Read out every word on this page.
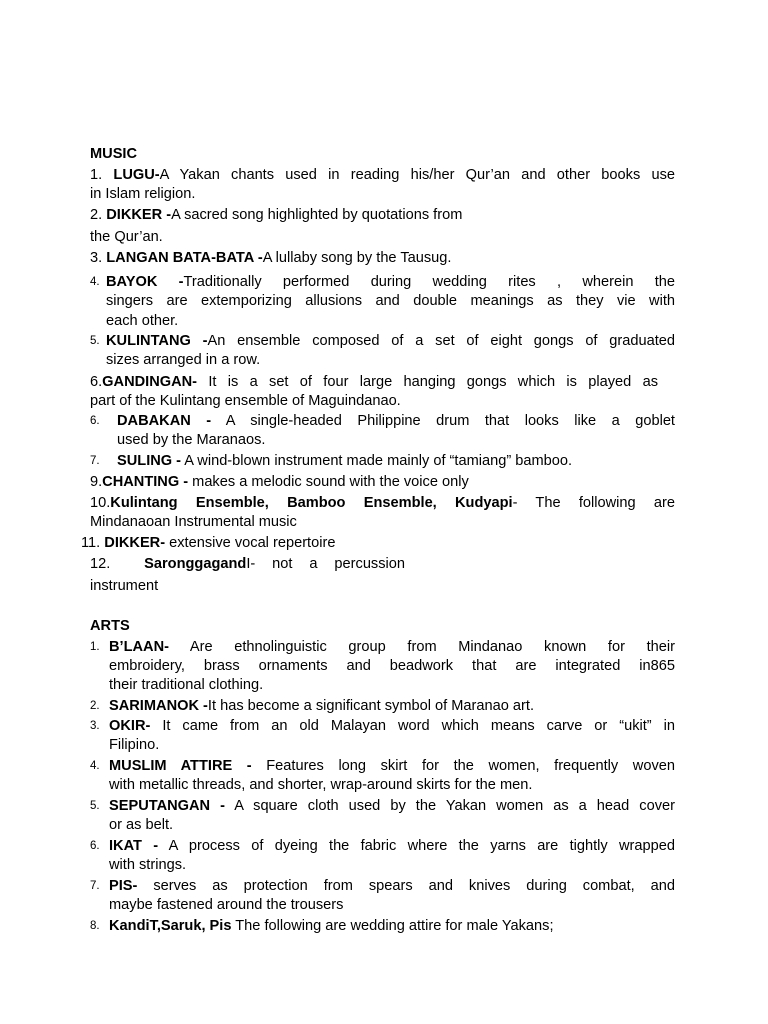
MUSIC
1. LUGU-A Yakan chants used in reading his/her Qur’an and other books use
in Islam religion.
2. DIKKER -A sacred song highlighted by quotations from
the Qur’an.
3. LANGAN BATA-BATA -A lullaby song by the Tausug.
4. BAYOK -Traditionally performed during wedding rites , wherein the
singers are extemporizing allusions and double meanings as they vie with
each other.
5. KULINTANG -An ensemble composed of a set of eight gongs of graduated
sizes arranged in a row.
6.GANDINGAN- It is a set of four large hanging gongs which is played as
part of the Kulintang ensemble of Maguindanao.
6. DABAKAN - A single-headed Philippine drum that looks like a goblet
used by the Maranaos.
7. SULING - A wind-blown instrument made mainly of “tamiang” bamboo.
9.CHANTING - makes a melodic sound with the voice only
10.Kulintang Ensemble, Bamboo Ensemble, Kudyapi- The following are
Mindanaoan Instrumental music
11. DIKKER- extensive vocal repertoire
12. SaronggagandI- not a percussion
instrument
ARTS
1. B’LAAN- Are ethnolinguistic group from Mindanao known for their
embroidery, brass ornaments and beadwork that are integrated in865
their traditional clothing.
2. SARIMANOK -It has become a significant symbol of Maranao art.
3. OKIR- It came from an old Malayan word which means carve or “ukit” in
Filipino.
4. MUSLIM ATTIRE - Features long skirt for the women, frequently woven
with metallic threads, and shorter, wrap-around skirts for the men.
5. SEPUTANGAN - A square cloth used by the Yakan women as a head cover
or as belt.
6. IKAT - A process of dyeing the fabric where the yarns are tightly wrapped
with strings.
7. PIS- serves as protection from spears and knives during combat, and
maybe fastened around the trousers
8. KandiT,Saruk, Pis The following are wedding attire for male Yakans;
